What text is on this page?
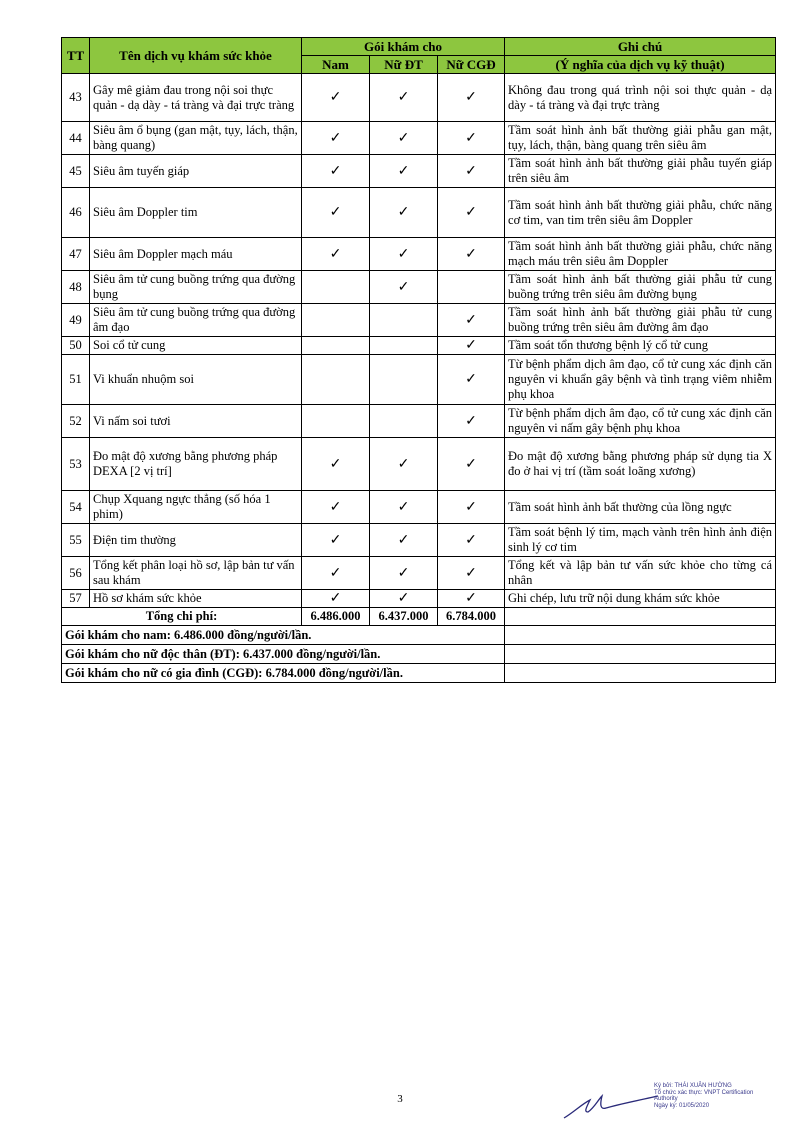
TT	Tên dịch vụ khám sức khỏe	Gói khám cho			Ghi chú
		Nam	Nữ ĐT	Nữ CGĐ	(Ý nghĩa của dịch vụ kỹ thuật)
43	Gây mê giảm đau trong nội soi thực quản - dạ dày - tá tràng và đại trực tràng	✓	✓	✓	Không đau trong quá trình nội soi thực quản - dạ dày - tá tràng và đại trực tràng
44	Siêu âm ổ bụng (gan mật, tụy, lách, thận, bàng quang)	✓	✓	✓	Tầm soát hình ảnh bất thường giải phẫu gan mật, tụy, lách, thận, bàng quang trên siêu âm
45	Siêu âm tuyến giáp	✓	✓	✓	Tầm soát hình ảnh bất thường giải phẫu tuyến giáp trên siêu âm
46	Siêu âm Doppler tim	✓	✓	✓	Tầm soát hình ảnh bất thường giải phẫu, chức năng cơ tim, van tim trên siêu âm Doppler
47	Siêu âm Doppler mạch máu	✓	✓	✓	Tầm soát hình ảnh bất thường giải phẫu, chức năng mạch máu trên siêu âm Doppler
48	Siêu âm tử cung buồng trứng qua đường bụng		✓		Tầm soát hình ảnh bất thường giải phẫu tử cung buồng trứng trên siêu âm đường bụng
49	Siêu âm tử cung buồng trứng qua đường âm đạo			✓	Tầm soát hình ảnh bất thường giải phẫu tử cung buồng trứng trên siêu âm đường âm đạo
50	Soi cổ tử cung			✓	Tầm soát tổn thương bệnh lý cổ tử cung
51	Vi khuẩn nhuộm soi			✓	Từ bệnh phẩm dịch âm đạo, cổ tử cung xác định căn nguyên vi khuẩn gây bệnh và tình trạng viêm nhiễm phụ khoa
52	Vi nấm soi tươi			✓	Từ bệnh phẩm dịch âm đạo, cổ tử cung xác định căn nguyên vi nấm gây bệnh phụ khoa
53	Đo mật độ xương bằng phương pháp DEXA [2 vị trí]	✓	✓	✓	Đo mật độ xương bằng phương pháp sử dụng tia X đo ở hai vị trí (tầm soát loãng xương)
54	Chụp Xquang ngực thẳng (số hóa 1 phim)	✓	✓	✓	Tầm soát hình ảnh bất thường của lồng ngực
55	Điện tim thường	✓	✓	✓	Tầm soát bệnh lý tim, mạch vành trên hình ảnh điện sinh lý cơ tim
56	Tổng kết phân loại hồ sơ, lập bản tư vấn sau khám	✓	✓	✓	Tổng kết và lập bản tư vấn sức khỏe cho từng cá nhân
57	Hồ sơ khám sức khỏe	✓	✓	✓	Ghi chép, lưu trữ nội dung khám sức khỏe
Tổng chi phí:		6.486.000	6.437.000	6.784.000	
Gói khám cho nam: 6.486.000 đồng/người/lần.					
Gói khám cho nữ độc thân (ĐT): 6.437.000 đồng/người/lần.					
Gói khám cho nữ có gia đình (CGĐ): 6.784.000 đồng/người/lần.					
3
Ký bởi: THÁI XUÂN HƯỜNG
Tổ chức xác thực: VNPT Certification
Authority
Ngày ký: 01/05/2020
